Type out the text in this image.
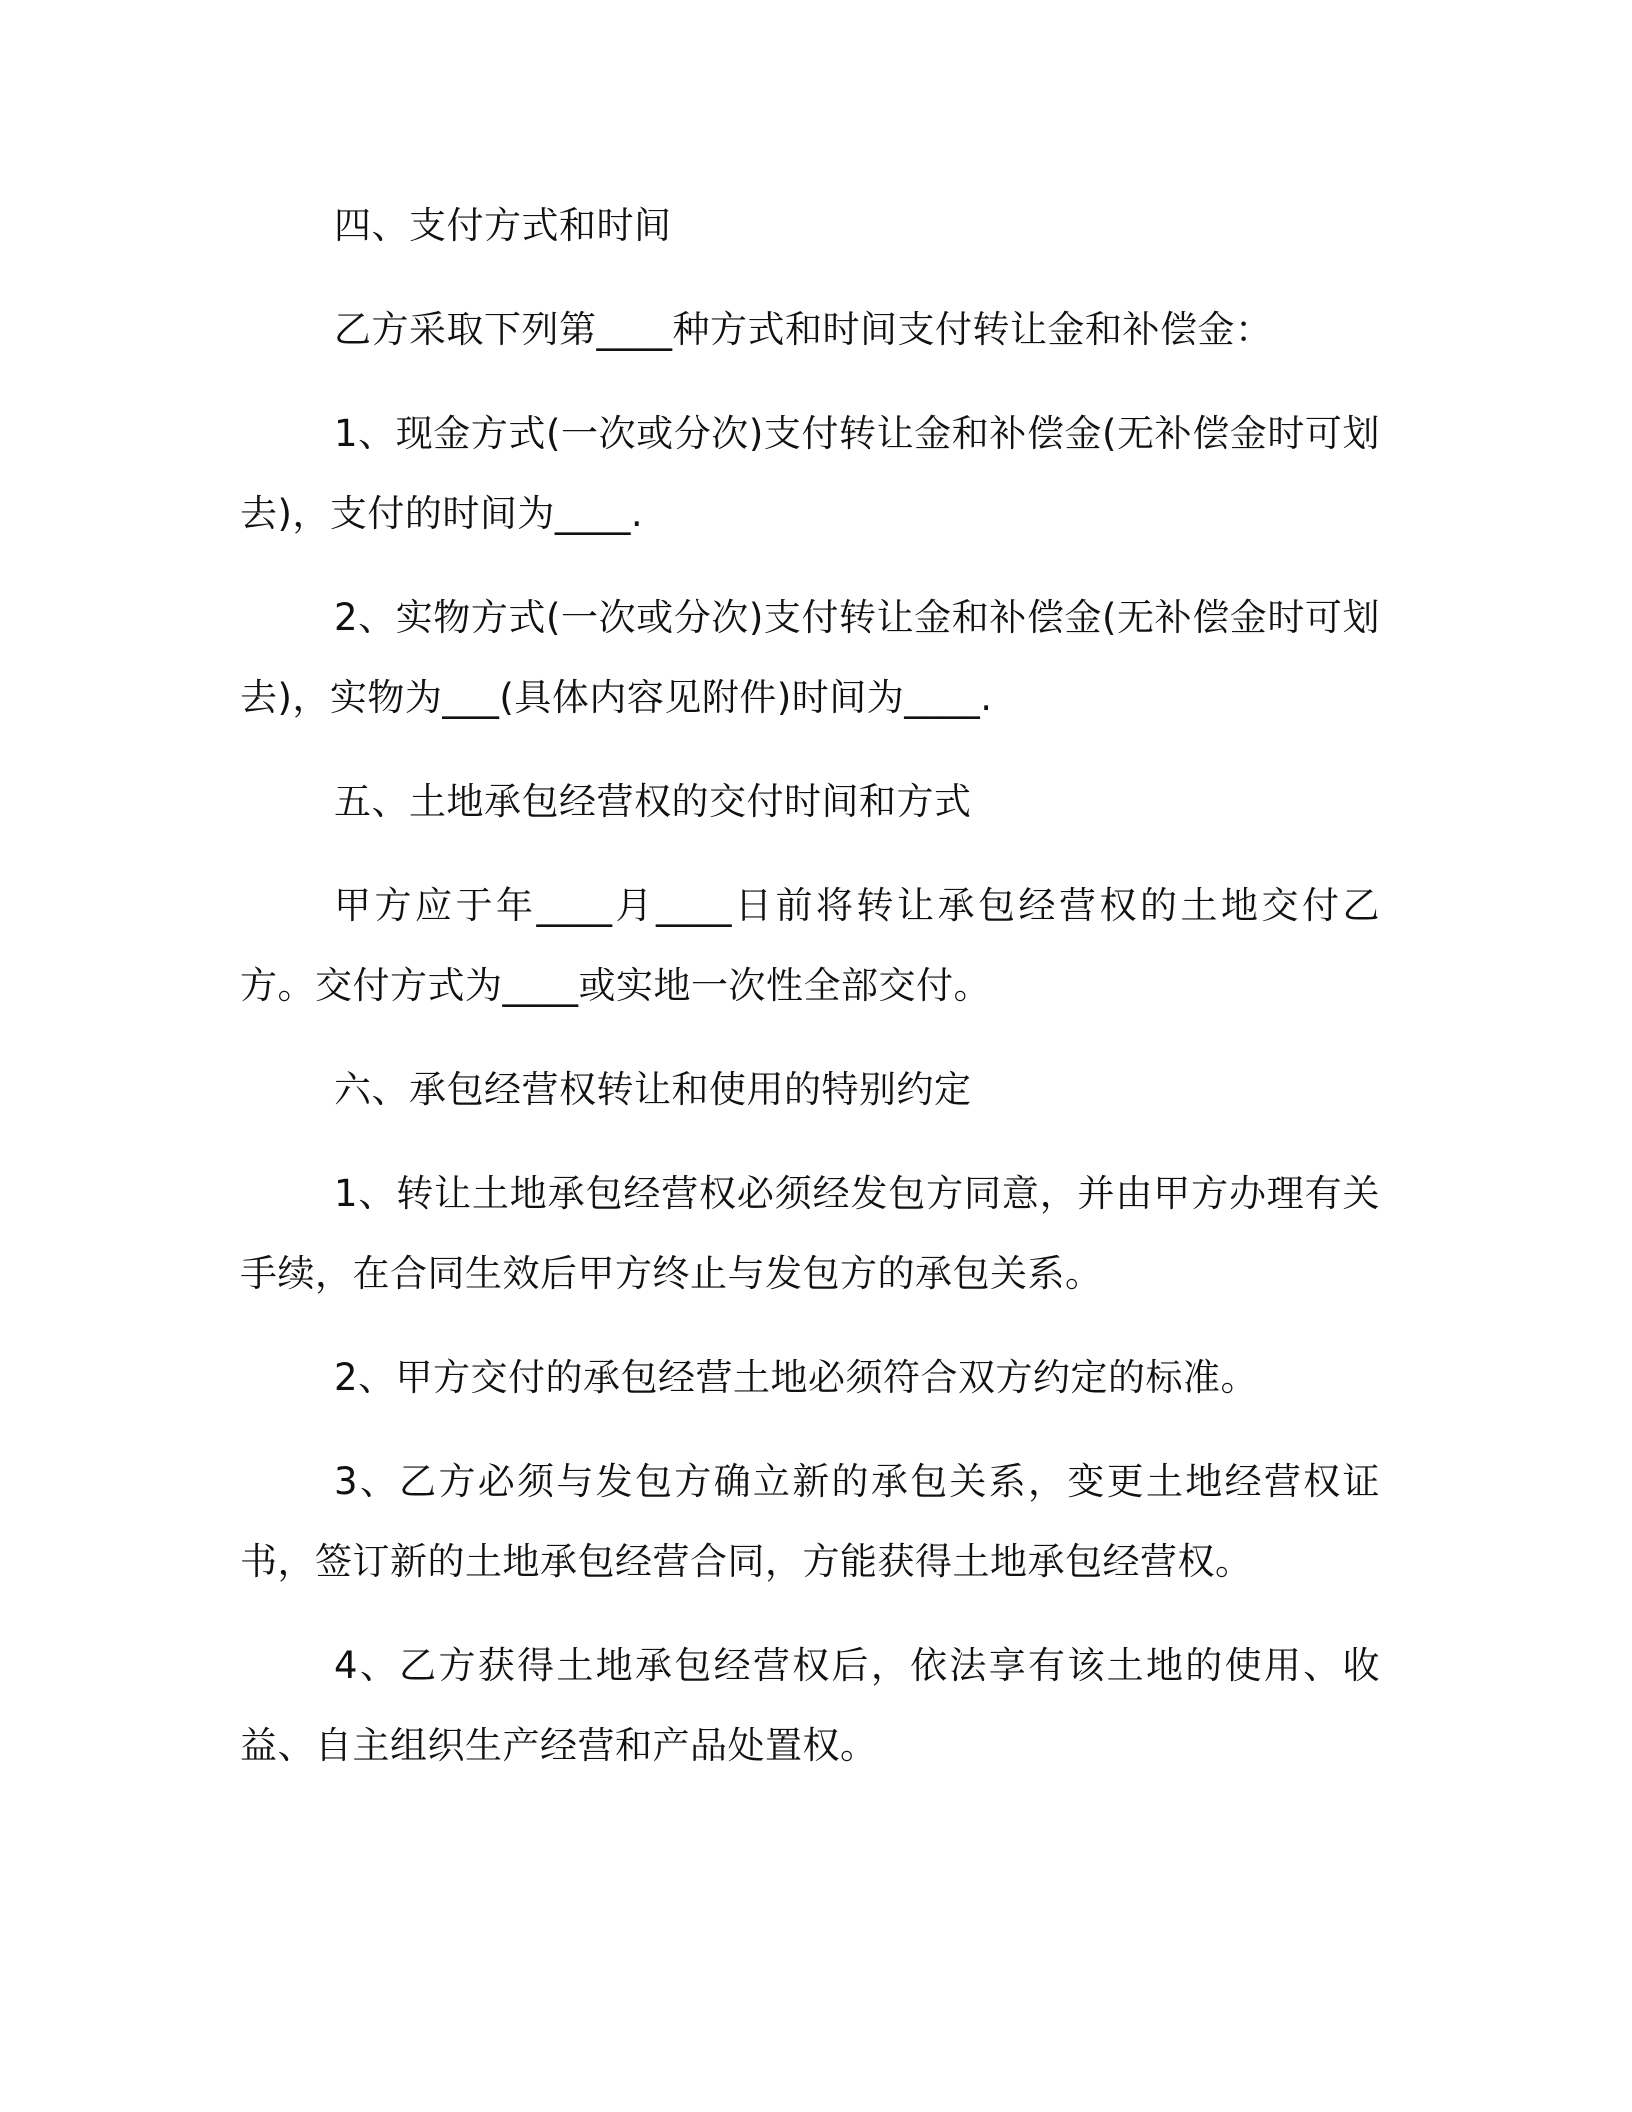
四、支付方式和时间

乙方采取下列第____种方式和时间支付转让金和补偿金：

1、现金方式(一次或分次)支付转让金和补偿金(无补偿金时可划去)，支付的时间为____.

2、实物方式(一次或分次)支付转让金和补偿金(无补偿金时可划去)，实物为___(具体内容见附件)时间为____.

五、土地承包经营权的交付时间和方式

甲方应于年____月____日前将转让承包经营权的土地交付乙方。交付方式为____或实地一次性全部交付。

六、承包经营权转让和使用的特别约定

1、转让土地承包经营权必须经发包方同意，并由甲方办理有关手续，在合同生效后甲方终止与发包方的承包关系。

2、甲方交付的承包经营土地必须符合双方约定的标准。

3、乙方必须与发包方确立新的承包关系，变更土地经营权证书，签订新的土地承包经营合同，方能获得土地承包经营权。

4、乙方获得土地承包经营权后，依法享有该土地的使用、收益、自主组织生产经营和产品处置权。
